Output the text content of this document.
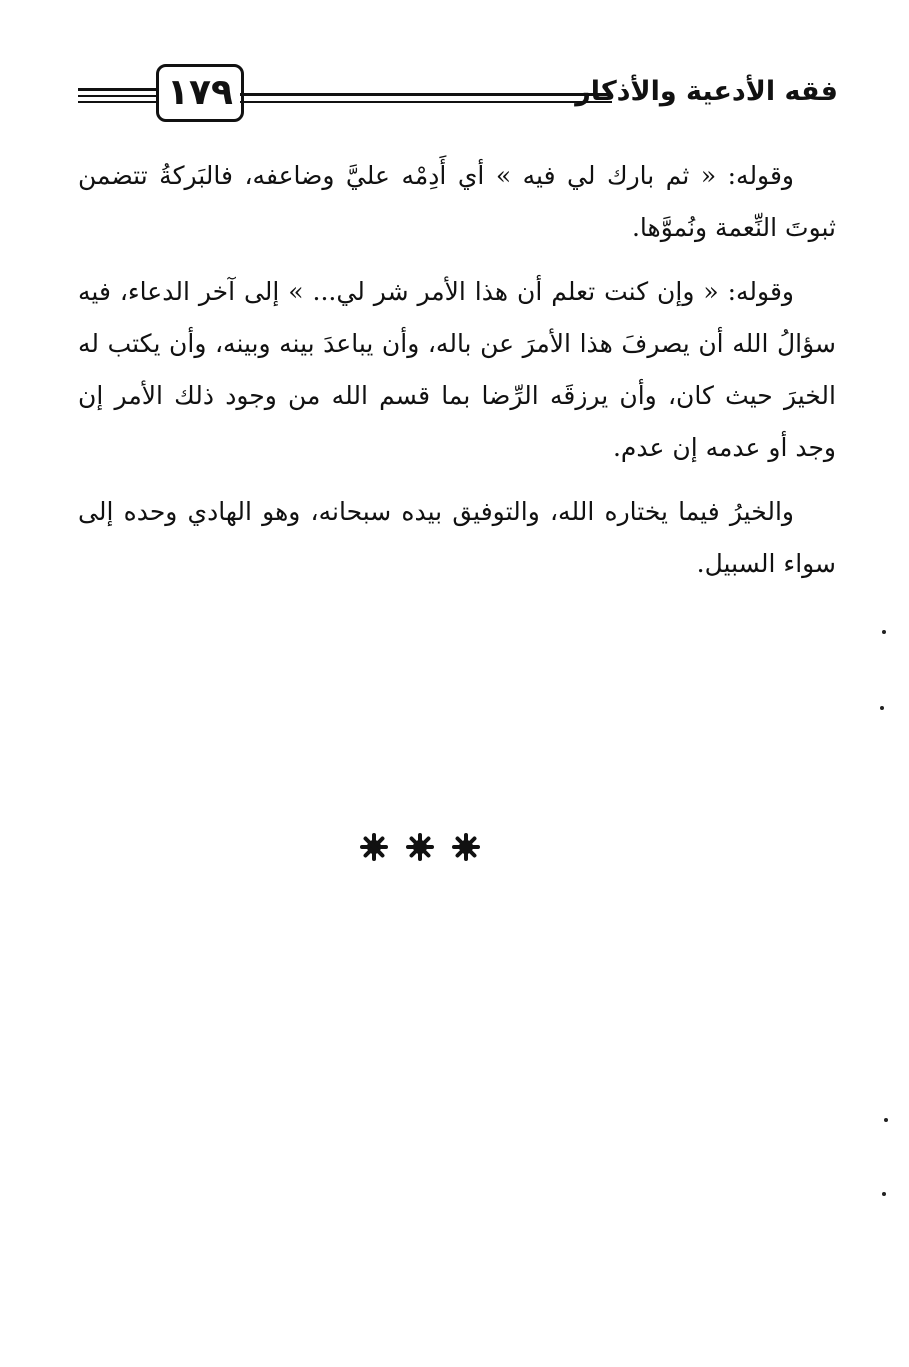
١٧٩	فقه الأدعية والأذكار

وقوله: « ثم بارك لي فيه » أي أَدِمْه عليَّ وضاعفه، فالبَركةُ تتضمن ثبوتَ النِّعمة ونُموَّها.

وقوله: « وإن كنت تعلم أن هذا الأمر شر لي... » إلى آخر الدعاء، فيه سؤالُ الله أن يصرفَ هذا الأمرَ عن باله، وأن يباعدَ بينه وبينه، وأن يكتب له الخيرَ حيث كان، وأن يرزقَه الرِّضا بما قسم الله من وجود ذلك الأمر إن وجد أو عدمه إن عدم.

والخيرُ فيما يختاره الله، والتوفيق بيده سبحانه، وهو الهادي وحده إلى سواء السبيل.
